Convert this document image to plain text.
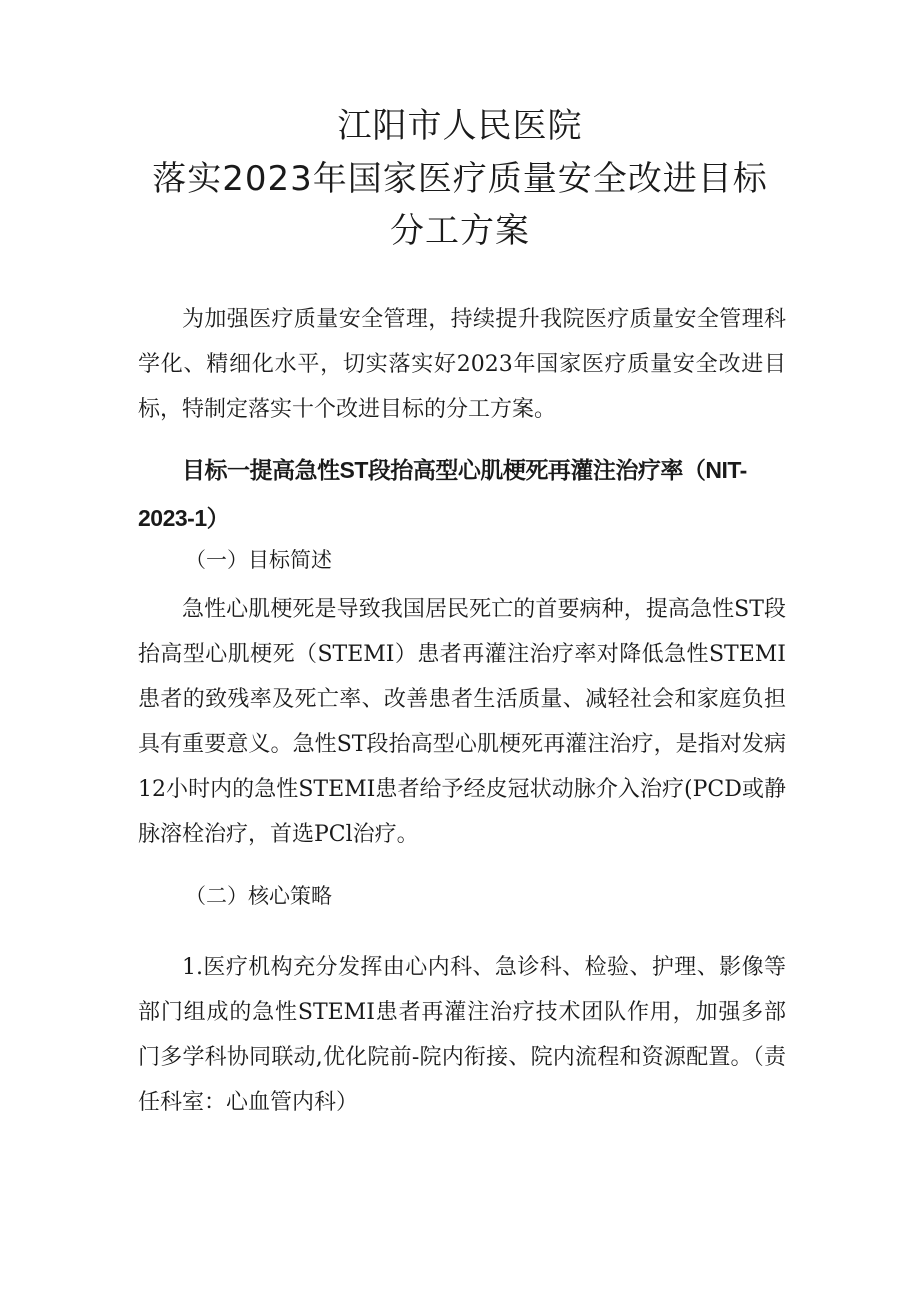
江阳市人民医院
落实2023年国家医疗质量安全改进目标
分工方案
为加强医疗质量安全管理，持续提升我院医疗质量安全管理科学化、精细化水平，切实落实好2023年国家医疗质量安全改进目标，特制定落实十个改进目标的分工方案。
目标一提高急性ST段抬高型心肌梗死再灌注治疗率（NIT-2023-1）
（一）目标简述
急性心肌梗死是导致我国居民死亡的首要病种，提高急性ST段抬高型心肌梗死（STEMI）患者再灌注治疗率对降低急性STEMI患者的致残率及死亡率、改善患者生活质量、减轻社会和家庭负担具有重要意义。急性ST段抬高型心肌梗死再灌注治疗，是指对发病12小时内的急性STEMI患者给予经皮冠状动脉介入治疗(PCD或静脉溶栓治疗，首选PCl治疗。
（二）核心策略
1.医疗机构充分发挥由心内科、急诊科、检验、护理、影像等部门组成的急性STEMI患者再灌注治疗技术团队作用，加强多部门多学科协同联动,优化院前-院内衔接、院内流程和资源配置。（责任科室：心血管内科）
